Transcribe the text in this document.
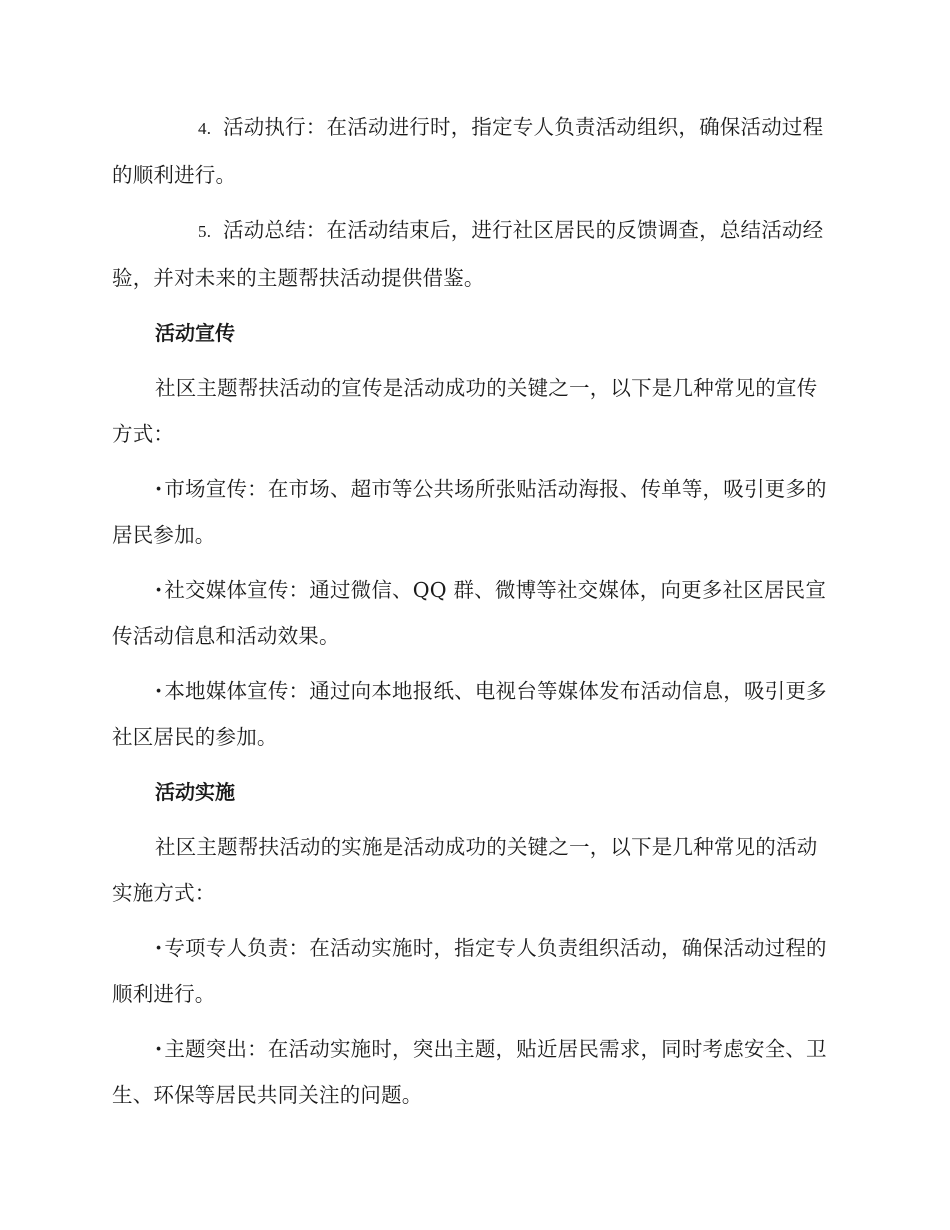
4. 活动执行：在活动进行时，指定专人负责活动组织，确保活动过程的顺利进行。

5. 活动总结：在活动结束后，进行社区居民的反馈调查，总结活动经验，并对未来的主题帮扶活动提供借鉴。

活动宣传

社区主题帮扶活动的宣传是活动成功的关键之一，以下是几种常见的宣传方式：

·市场宣传：在市场、超市等公共场所张贴活动海报、传单等，吸引更多的居民参加。

·社交媒体宣传：通过微信、QQ 群、微博等社交媒体，向更多社区居民宣传活动信息和活动效果。

·本地媒体宣传：通过向本地报纸、电视台等媒体发布活动信息，吸引更多社区居民的参加。

活动实施

社区主题帮扶活动的实施是活动成功的关键之一，以下是几种常见的活动实施方式：

·专项专人负责：在活动实施时，指定专人负责组织活动，确保活动过程的顺利进行。

·主题突出：在活动实施时，突出主题，贴近居民需求，同时考虑安全、卫生、环保等居民共同关注的问题。
